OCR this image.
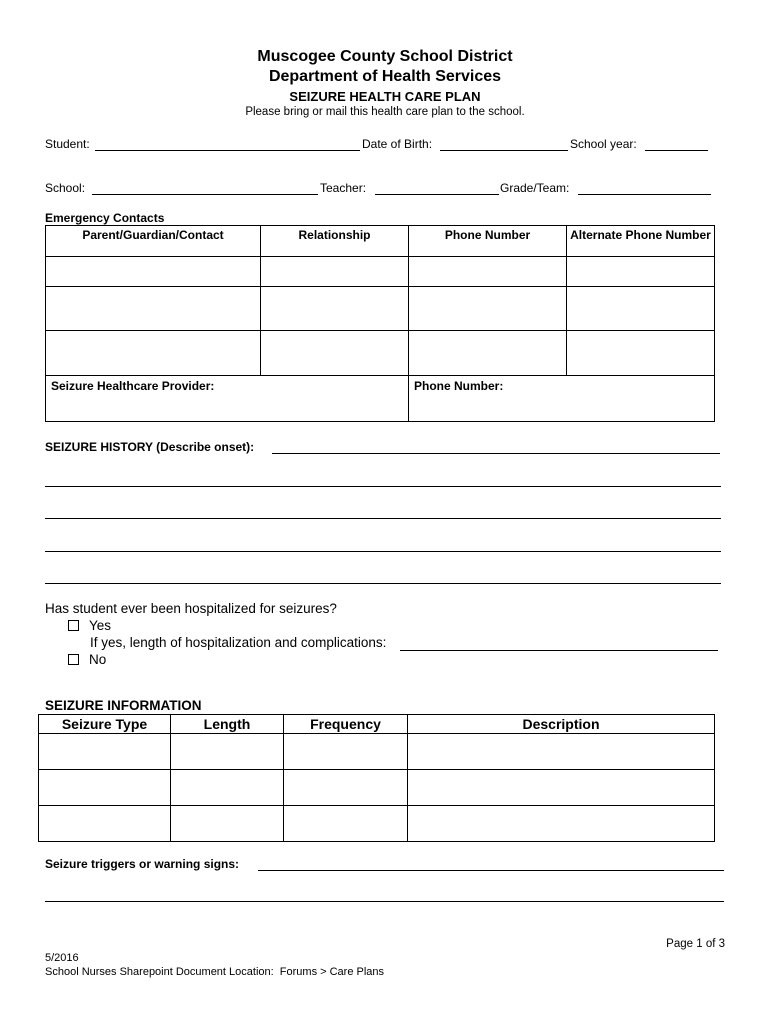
Muscogee County School District
Department of Health Services
SEIZURE HEALTH CARE PLAN
Please bring or mail this health care plan to the school.
Student:	Date of Birth:	School year:
School:	Teacher:	Grade/Team:
Emergency Contacts
Parent/Guardian/Contact	Relationship	Phone Number	Alternate Phone Number

Seizure Healthcare Provider:		Phone Number:	
SEIZURE HISTORY (Describe onset):
Has student ever been hospitalized for seizures?
Yes
If yes, length of hospitalization and complications:
No
SEIZURE INFORMATION
Seizure Type	Length	Frequency	Description

Seizure triggers or warning signs:
Page 1 of 3
5/2016
School Nurses Sharepoint Document Location:  Forums > Care Plans
